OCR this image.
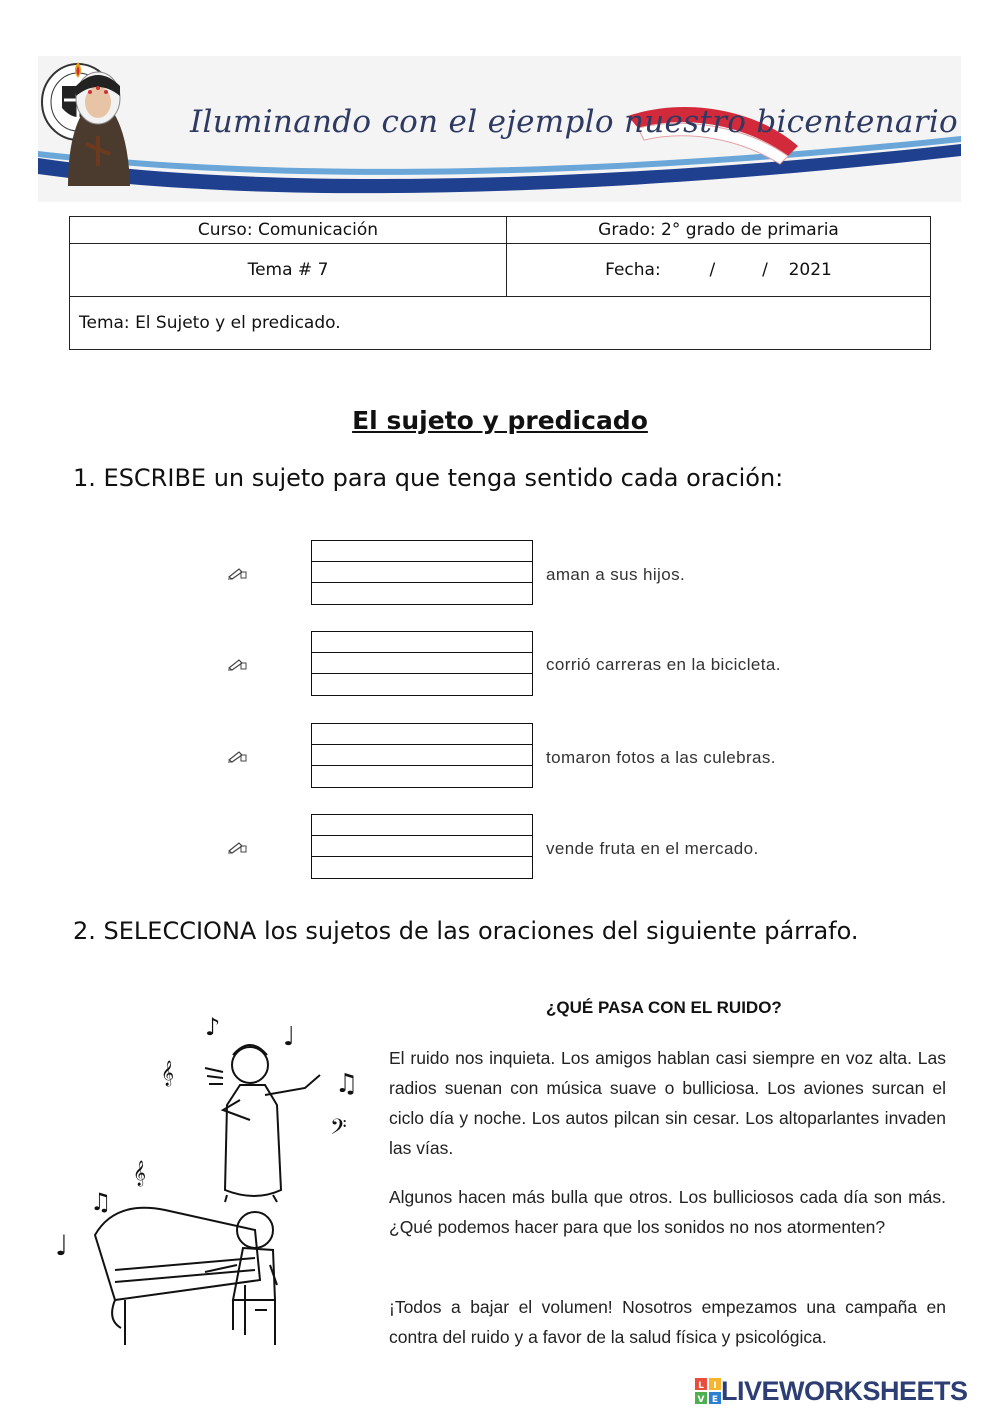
Iluminando con el ejemplo nuestro bicentenario
Curso: Comunicación	Grado: 2° grado de primaria
Tema # 7	Fecha: / / 2021
Tema: El Sujeto y el predicado.	
El sujeto y predicado
1. ESCRIBE un sujeto para que tenga sentido cada oración:
aman a sus hijos.
corrió carreras en la bicicleta.
tomaron fotos a las culebras.
vende fruta en el mercado.
2. SELECCIONA los sujetos de las oraciones del siguiente párrafo.
♪ ♩
𝄞	♫
𝄢
𝄞
♫
♩
¿QUÉ PASA CON EL RUIDO?
El ruido nos inquieta. Los amigos hablan casi siempre en voz alta. Las radios suenan con música suave o bulliciosa. Los aviones surcan el ciclo día y noche. Los autos pilcan sin cesar. Los altoparlantes invaden las vías.
Algunos hacen más bulla que otros. Los bulliciosos cada día son más. ¿Qué podemos hacer para que los sonidos no nos atormenten?
¡Todos a bajar el volumen! Nosotros empezamos una campaña en contra del ruido y a favor de la salud física y psicológica.
L I
V E LIVEWORKSHEETS
